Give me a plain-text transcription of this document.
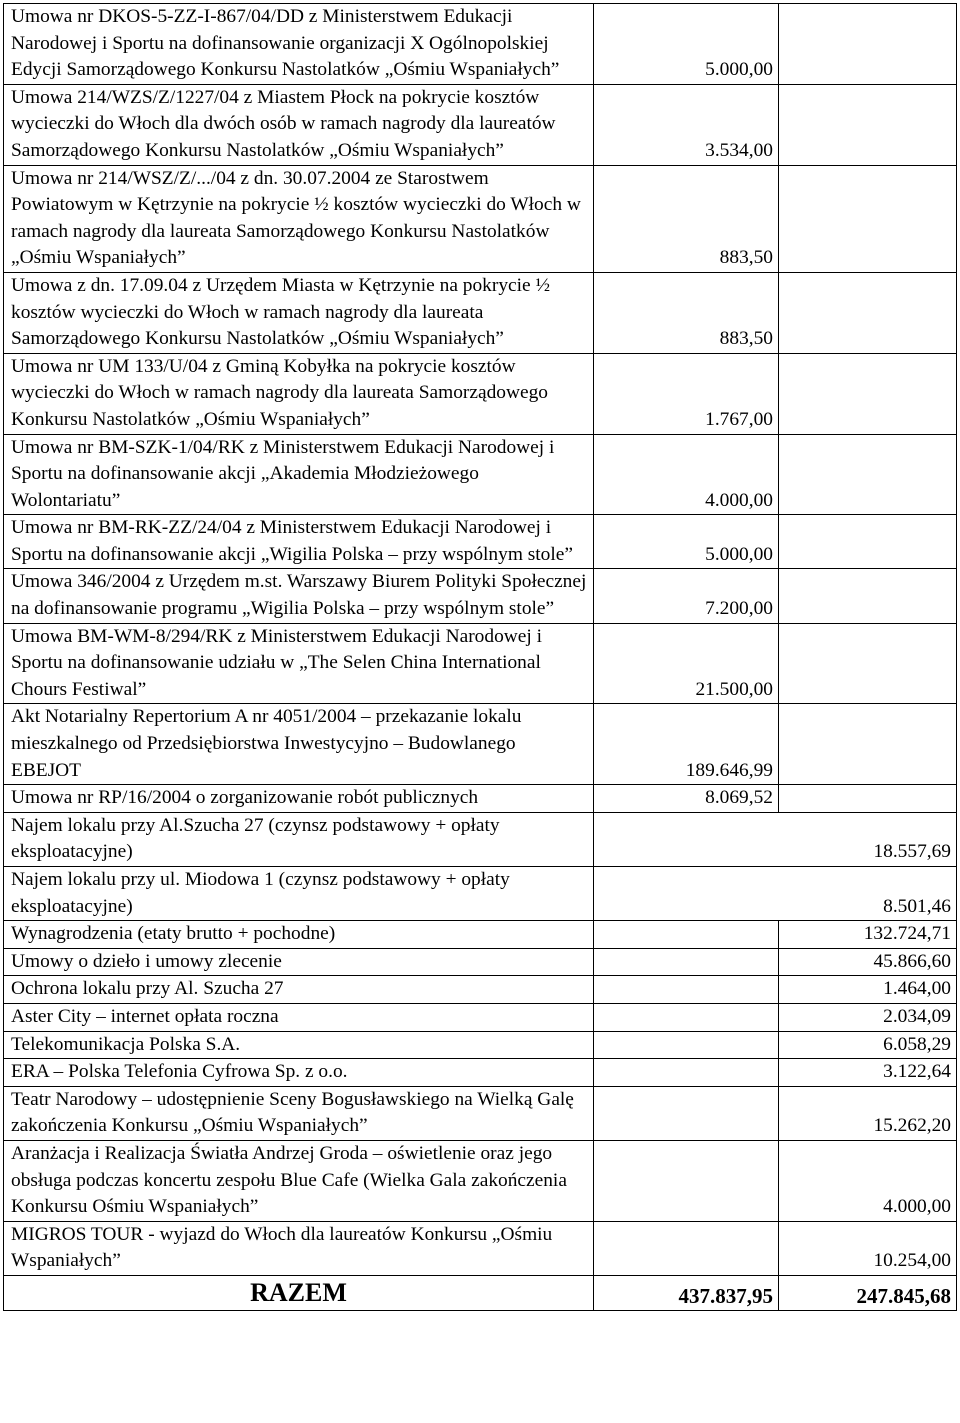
Umowa nr DKOS-5-ZZ-I-867/04/DD z Ministerstwem Edukacji Narodowej i Sportu na dofinansowanie organizacji X Ogólnopolskiej Edycji Samorządowego Konkursu Nastolatków „Ośmiu Wspaniałych”	5.000,00	
Umowa 214/WZS/Z/1227/04 z Miastem Płock na pokrycie kosztów wycieczki do Włoch dla dwóch osób w ramach nagrody dla laureatów Samorządowego Konkursu Nastolatków „Ośmiu Wspaniałych”	3.534,00	
Umowa nr 214/WSZ/Z/.../04 z dn. 30.07.2004 ze Starostwem Powiatowym w Kętrzynie na pokrycie ½ kosztów wycieczki do Włoch w ramach nagrody dla laureata Samorządowego Konkursu Nastolatków „Ośmiu Wspaniałych”	883,50	
Umowa z dn. 17.09.04 z Urzędem Miasta w Kętrzynie na pokrycie ½ kosztów wycieczki do Włoch w ramach nagrody dla laureata Samorządowego Konkursu Nastolatków „Ośmiu Wspaniałych”	883,50	
Umowa nr UM 133/U/04 z Gminą Kobyłka na pokrycie kosztów wycieczki do Włoch w ramach nagrody dla laureata Samorządowego Konkursu Nastolatków „Ośmiu Wspaniałych”	1.767,00	
Umowa nr BM-SZK-1/04/RK z Ministerstwem Edukacji Narodowej i Sportu na dofinansowanie akcji „Akademia Młodzieżowego Wolontariatu”	4.000,00	
Umowa nr BM-RK-ZZ/24/04 z Ministerstwem Edukacji Narodowej i Sportu na dofinansowanie akcji „Wigilia Polska – przy wspólnym stole”	5.000,00	
Umowa 346/2004 z Urzędem m.st. Warszawy Biurem Polityki Społecznej na dofinansowanie programu „Wigilia Polska – przy wspólnym stole”	7.200,00	
Umowa BM-WM-8/294/RK z Ministerstwem Edukacji Narodowej i Sportu na dofinansowanie udziału w „The Selen China International Chours Festiwal”	21.500,00	
Akt Notarialny Repertorium A nr 4051/2004 – przekazanie lokalu mieszkalnego od Przedsiębiorstwa Inwestycyjno – Budowlanego EBEJOT	189.646,99	
Umowa nr RP/16/2004 o zorganizowanie robót publicznych	8.069,52	
Najem lokalu przy Al.Szucha 27 (czynsz podstawowy + opłaty eksploatacyjne)	18.557,69	
Najem lokalu przy ul. Miodowa 1 (czynsz podstawowy + opłaty eksploatacyjne)	8.501,46	
Wynagrodzenia (etaty brutto + pochodne)		132.724,71
Umowy o dzieło i umowy zlecenie		45.866,60
Ochrona lokalu przy Al. Szucha 27		1.464,00
Aster City – internet opłata roczna		2.034,09
Telekomunikacja Polska S.A.		6.058,29
ERA – Polska Telefonia Cyfrowa Sp. z o.o.		3.122,64
Teatr Narodowy – udostępnienie Sceny Bogusławskiego na Wielką Galę zakończenia Konkursu „Ośmiu Wspaniałych”		15.262,20
Aranżacja i Realizacja Światła Andrzej Groda – oświetlenie oraz jego obsługa podczas koncertu zespołu Blue Cafe (Wielka Gala zakończenia Konkursu Ośmiu Wspaniałych”		4.000,00
MIGROS TOUR - wyjazd do Włoch dla laureatów Konkursu „Ośmiu Wspaniałych”		10.254,00
RAZEM	437.837,95	247.845,68
